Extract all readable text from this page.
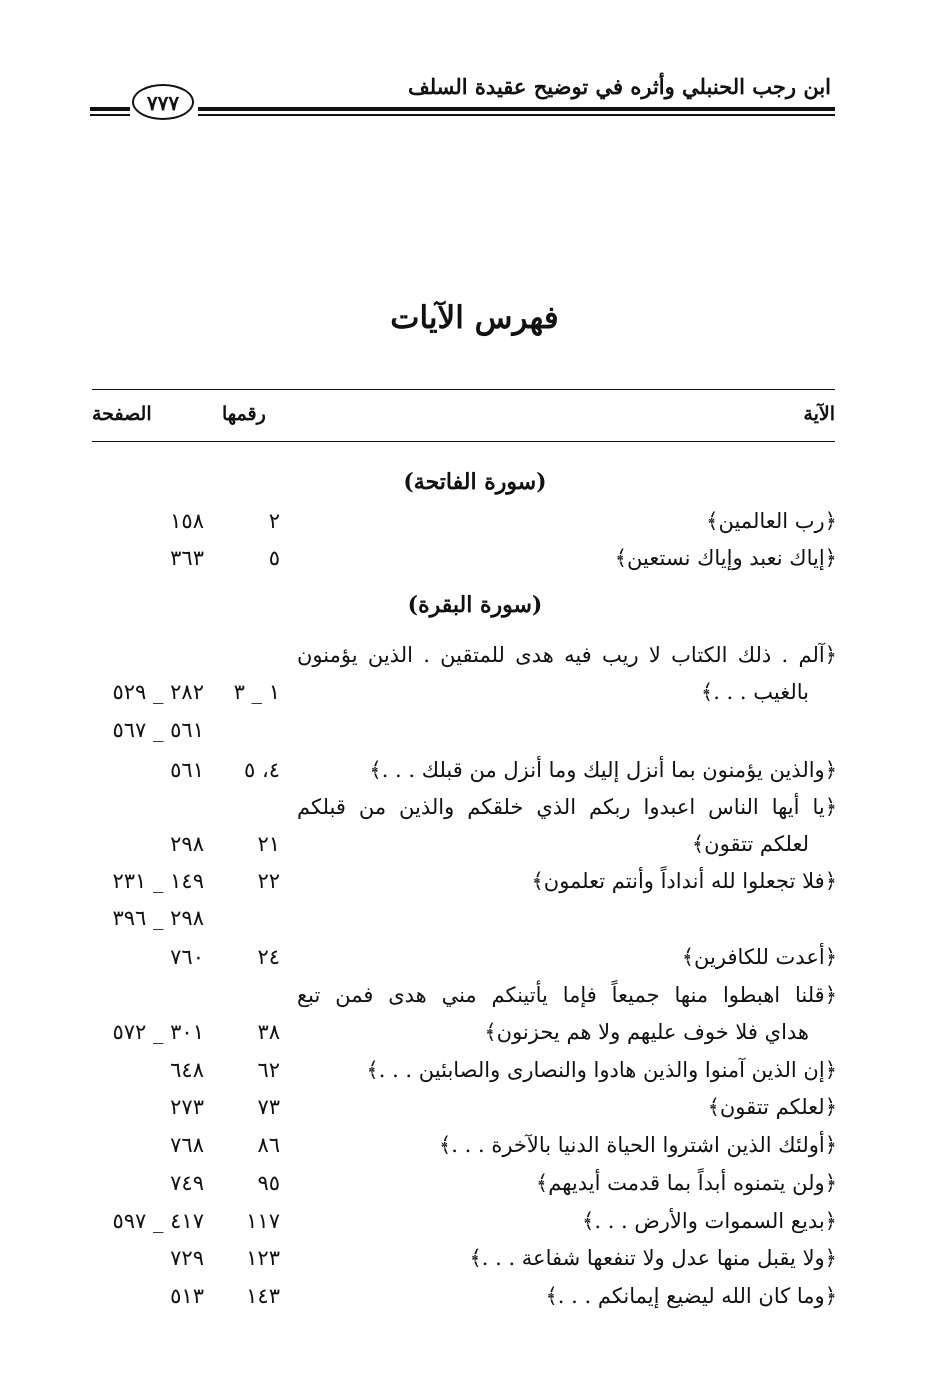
ابن رجب الحنبلي وأثره في توضيح عقيدة السلف
٧٧٧
فهرس الآيات
الآية
رقمها
الصفحة
(سورة الفاتحة)
﴿رب العالمين﴾
٢
١٥٨
﴿إياك نعبد وإياك نستعين﴾
٥
٣٦٣
(سورة البقرة)
﴿آلم . ذلك الكتاب لا ريب فيه هدى للمتقين . الذين يؤمنون
بالغيب . . .﴾
١ _ ٣
٢٨٢ _ ٥٢٩
٥٦١ _ ٥٦٧
﴿والذين يؤمنون بما أنزل إليك وما أنزل من قبلك . . .﴾
٤، ٥
٥٦١
﴿يا أيها الناس اعبدوا ربكم الذي خلقكم والذين من قبلكم
لعلكم تتقون﴾
٢١
٢٩٨
﴿فلا تجعلوا لله أنداداً وأنتم تعلمون﴾
٢٢
١٤٩ _ ٢٣١
٢٩٨ _ ٣٩٦
﴿أعدت للكافرين﴾
٢٤
٧٦٠
﴿قلنا اهبطوا منها جميعاً فإما يأتينكم مني هدى فمن تبع
هداي فلا خوف عليهم ولا هم يحزنون﴾
٣٨
٣٠١ _ ٥٧٢
﴿إن الذين آمنوا والذين هادوا والنصارى والصابئين . . .﴾
٦٢
٦٤٨
﴿لعلكم تتقون﴾
٧٣
٢٧٣
﴿أولئك الذين اشتروا الحياة الدنيا بالآخرة . . .﴾
٨٦
٧٦٨
﴿ولن يتمنوه أبداً بما قدمت أيديهم﴾
٩٥
٧٤٩
﴿بديع السموات والأرض . . .﴾
١١٧
٤١٧ _ ٥٩٧
﴿ولا يقبل منها عدل ولا تنفعها شفاعة . . .﴾
١٢٣
٧٢٩
﴿وما كان الله ليضيع إيمانكم . . .﴾
١٤٣
٥١٣
